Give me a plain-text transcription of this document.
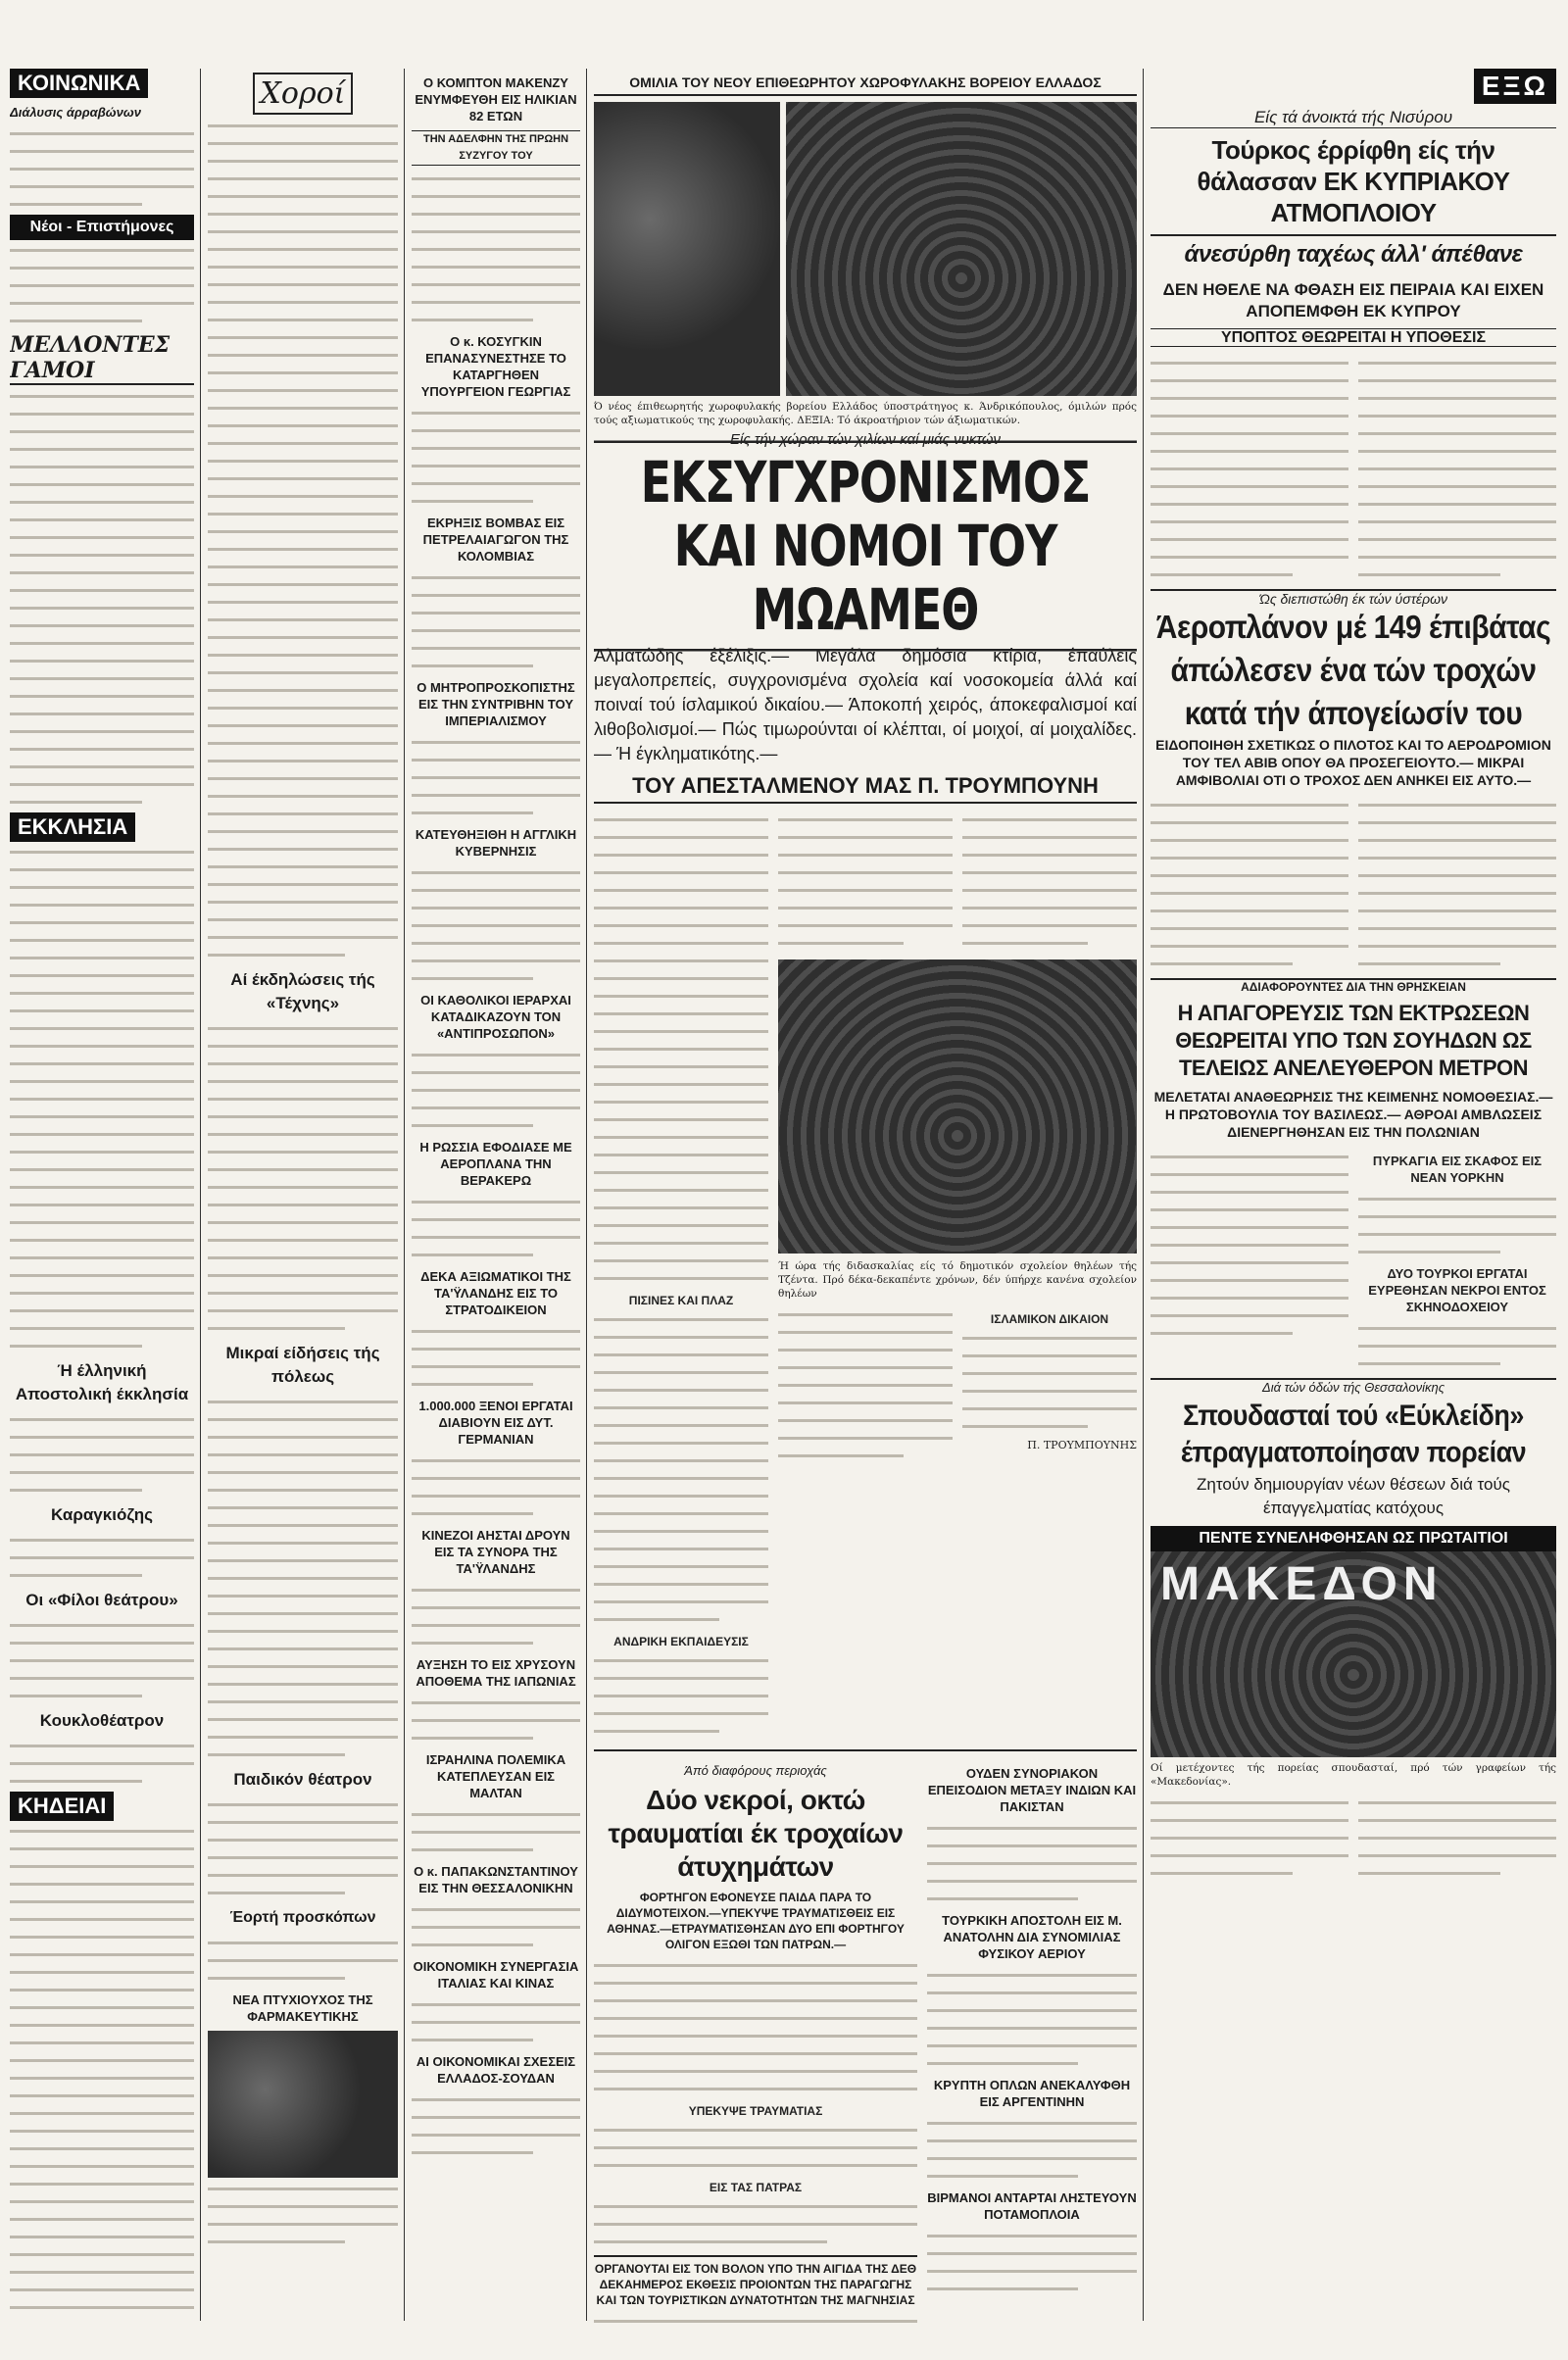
ΚΟΙΝΩΝΙΚΑ
Διάλυσις άρραβώνων
Νέοι - Επιστήμονες
ΜΕΛΛΟΝΤΕΣ ΓΑΜΟΙ
ΕΚΚΛΗΣΙΑ
Ή έλληνική Αποστολική έκκλησία
Καραγκιόζης
Οι «Φίλοι θεάτρου»
Κουκλοθέατρον
ΚΗΔΕΙΑΙ
Χοροί
Αί έκδηλώσεις τής «Τέχνης»
Μικραί είδήσεις τής πόλεως
Παιδικόν θέατρον
Έορτή προσκόπων
ΝΕΑ ΠΤΥΧΙΟΥΧΟΣ ΤΗΣ ΦΑΡΜΑΚΕΥΤΙΚΗΣ
Ο ΚΟΜΠΤΟΝ ΜΑΚΕΝΖΥ ΕΝΥΜΦΕΥΘΗ ΕΙΣ ΗΛΙΚΙΑΝ 82 ΕΤΩΝ
ΤΗΝ ΑΔΕΛΦΗΝ ΤΗΣ ΠΡΩΗΝ ΣΥΖΥΓΟΥ ΤΟΥ
Ο κ. ΚΟΣΥΓΚΙΝ ΕΠΑΝΑΣΥΝΕΣΤΗΣΕ ΤΟ ΚΑΤΑΡΓΗΘΕΝ ΥΠΟΥΡΓΕΙΟΝ ΓΕΩΡΓΙΑΣ
ΕΚΡΗΞΙΣ ΒΟΜΒΑΣ ΕΙΣ ΠΕΤΡΕΛΑΙΑΓΩΓΟΝ ΤΗΣ ΚΟΛΟΜΒΙΑΣ
Ο ΜΗΤΡΟΠΡΟΣΚΟΠΙΣΤΗΣ ΕΙΣ ΤΗΝ ΣΥΝΤΡΙΒΗΝ ΤΟΥ ΙΜΠΕΡΙΑΛΙΣΜΟΥ
ΚΑΤΕΥΘΗΞΙΘΗ Η ΑΓΓΛΙΚΗ ΚΥΒΕΡΝΗΣΙΣ
ΟΙ ΚΑΘΟΛΙΚΟΙ ΙΕΡΑΡΧΑΙ ΚΑΤΑΔΙΚΑΖΟΥΝ ΤΟΝ «ΑΝΤΙΠΡΟΣΩΠΟΝ»
Η ΡΩΣΣΙΑ ΕΦΟΔΙΑΣΕ ΜΕ ΑΕΡΟΠΛΑΝΑ ΤΗΝ ΒΕΡΑΚΕΡΩ
ΔΕΚΑ ΑΞΙΩΜΑΤΙΚΟΙ ΤΗΣ ΤΑ'ΫΛΑΝΔΗΣ ΕΙΣ ΤΟ ΣΤΡΑΤΟΔΙΚΕΙΟΝ
1.000.000 ΞΕΝΟΙ ΕΡΓΑΤΑΙ ΔΙΑΒΙΟΥΝ ΕΙΣ ΔΥΤ. ΓΕΡΜΑΝΙΑΝ
ΚΙΝΕΖΟΙ ΑΗΣΤΑΙ ΔΡΟΥΝ ΕΙΣ ΤΑ ΣΥΝΟΡΑ ΤΗΣ ΤΑ'ΫΛΑΝΔΗΣ
ΑΥΞΗΣΗ ΤΟ ΕΙΣ ΧΡΥΣΟΥΝ ΑΠΟΘΕΜΑ ΤΗΣ ΙΑΠΩΝΙΑΣ
ΙΣΡΑΗΛΙΝΑ ΠΟΛΕΜΙΚΑ ΚΑΤΕΠΛΕΥΣΑΝ ΕΙΣ ΜΑΛΤΑΝ
Ο κ. ΠΑΠΑΚΩΝΣΤΑΝΤΙΝΟΥ ΕΙΣ ΤΗΝ ΘΕΣΣΑΛΟΝΙΚΗΝ
ΟΙΚΟΝΟΜΙΚΗ ΣΥΝΕΡΓΑΣΙΑ ΙΤΑΛΙΑΣ ΚΑΙ ΚΙΝΑΣ
ΑΙ ΟΙΚΟΝΟΜΙΚΑΙ ΣΧΕΣΕΙΣ ΕΛΛΑΔΟΣ-ΣΟΥΔΑΝ
ΟΜΙΛΙΑ ΤΟΥ ΝΕΟΥ ΕΠΙΘΕΩΡΗΤΟΥ ΧΩΡΟΦΥΛΑΚΗΣ ΒΟΡΕΙΟΥ ΕΛΛΑΔΟΣ
Ό νέος έπιθεωρητής χωροφυλακής βορείου Ελλάδος ύποστράτηγος κ. Άνδρικόπουλος, όμιλών πρός τούς αξιωματικούς της χωροφυλακής. ΔΕΞΙΑ: Τό άκροατήριον τών άξιωματικών.
Είς τήν χώραν τών χιλίων καί μιάς νυκτών
ΕΚΣΥΓΧΡΟΝΙΣΜΟΣ ΚΑΙ ΝΟΜΟΙ ΤΟΥ ΜΩΑΜΕΘ
Άλματώδης έξέλιξις.— Μεγάλα δημόσια κτίρια, έπαύλεις μεγαλοπρεπείς, συγχρονισμένα σχολεία καί νοσοκομεία άλλά καί ποιναί τού ίσλαμικού δικαίου.— Άποκοπή χειρός, άποκεφαλισμοί καί λιθοβολισμοί.— Πώς τιμωρούνται οί κλέπται, οί μοιχοί, αί μοιχαλίδες.— Ή έγκληματικότης.—
ΤΟΥ ΑΠΕΣΤΑΛΜΕΝΟΥ ΜΑΣ Π. ΤΡΟΥΜΠΟΥΝΗ
ΠΙΣΙΝΕΣ ΚΑΙ ΠΛΑΖ
ΑΝΔΡΙΚΗ ΕΚΠΑΙΔΕΥΣΙΣ
Ή ώρα τής διδασκαλίας είς τό δημοτικόν σχολείον θηλέων τής Τζέντα. Πρό δέκα-δεκαπέντε χρόνων, δέν ύπήρχε κανένα σχολείον θηλέων
ΙΣΛΑΜΙΚΟΝ ΔΙΚΑΙΟΝ
Π. ΤΡΟΥΜΠΟΥΝΗΣ
Άπό διαφόρους περιοχάς
Δύο νεκροί, οκτώ τραυματίαι έκ τροχαίων άτυχημάτων
ΦΟΡΤΗΓΟΝ ΕΦΟΝΕΥΣΕ ΠΑΙΔΑ ΠΑΡΑ ΤΟ ΔΙΔΥΜΟΤΕΙΧΟΝ.—ΥΠΕΚΥΨΕ ΤΡΑΥΜΑΤΙΣΘΕΙΣ ΕΙΣ ΑΘΗΝΑΣ.—ΕΤΡΑΥΜΑΤΙΣΘΗΣΑΝ ΔΥΟ ΕΠΙ ΦΟΡΤΗΓΟΥ ΟΛΙΓΟΝ ΕΞΩΘΙ ΤΩΝ ΠΑΤΡΩΝ.—
ΥΠΕΚΥΨΕ ΤΡΑΥΜΑΤΙΑΣ
ΕΙΣ ΤΑΣ ΠΑΤΡΑΣ
ΟΡΓΑΝΟΥΤΑΙ ΕΙΣ ΤΟΝ ΒΟΛΟΝ ΥΠΟ ΤΗΝ ΑΙΓΙΔΑ ΤΗΣ ΔΕΘ ΔΕΚΑΗΜΕΡΟΣ ΕΚΘΕΣΙΣ ΠΡΟΙΟΝΤΩΝ ΤΗΣ ΠΑΡΑΓΩΓΗΣ ΚΑΙ ΤΩΝ ΤΟΥΡΙΣΤΙΚΩΝ ΔΥΝΑΤΟΤΗΤΩΝ ΤΗΣ ΜΑΓΝΗΣΙΑΣ
ΟΥΔΕΝ ΣΥΝΟΡΙΑΚΟΝ ΕΠΕΙΣΟΔΙΟΝ ΜΕΤΑΞΥ ΙΝΔΙΩΝ ΚΑΙ ΠΑΚΙΣΤΑΝ
ΤΟΥΡΚΙΚΗ ΑΠΟΣΤΟΛΗ ΕΙΣ Μ. ΑΝΑΤΟΛΗΝ ΔΙΑ ΣΥΝΟΜΙΛΙΑΣ ΦΥΣΙΚΟΥ ΑΕΡΙΟΥ
ΚΡΥΠΤΗ ΟΠΛΩΝ ΑΝΕΚΑΛΥΦΘΗ ΕΙΣ ΑΡΓΕΝΤΙΝΗΝ
ΒΙΡΜΑΝΟΙ ΑΝΤΑΡΤΑΙ ΛΗΣΤΕΥΟΥΝ ΠΟΤΑΜΟΠΛΟΙΑ
ΕΞΩ
Είς τά άνοικτά τής Νισύρου
Τούρκος έρρίφθη είς τήν θάλασσαν ΕΚ ΚΥΠΡΙΑΚΟΥ ΑΤΜΟΠΛΟΙΟΥ
άνεσύρθη ταχέως άλλ' άπέθανε
ΔΕΝ ΗΘΕΛΕ ΝΑ ΦΘΑΣΗ ΕΙΣ ΠΕΙΡΑΙΑ ΚΑΙ ΕΙΧΕΝ ΑΠΟΠΕΜΦΘΗ ΕΚ ΚΥΠΡΟΥ
ΥΠΟΠΤΟΣ ΘΕΩΡΕΙΤΑΙ Η ΥΠΟΘΕΣΙΣ
Ώς διεπιστώθη έκ τών ύστέρων
Άεροπλάνον μέ 149 έπιβάτας άπώλεσεν ένα τών τροχών κατά τήν άπογείωσίν του
ΕΙΔΟΠΟΙΗΘΗ ΣΧΕΤΙΚΩΣ Ο ΠΙΛΟΤΟΣ ΚΑΙ ΤΟ ΑΕΡΟΔΡΟΜΙΟΝ ΤΟΥ ΤΕΛ ΑΒΙΒ ΟΠΟΥ ΘΑ ΠΡΟΣΕΓΕΙΟΥΤΟ.— ΜΙΚΡΑΙ ΑΜΦΙΒΟΛΙΑΙ ΟΤΙ Ο ΤΡΟΧΟΣ ΔΕΝ ΑΝΗΚΕΙ ΕΙΣ ΑΥΤΟ.—
ΑΔΙΑΦΟΡΟΥΝΤΕΣ ΔΙΑ ΤΗΝ ΘΡΗΣΚΕΙΑΝ
Η ΑΠΑΓΟΡΕΥΣΙΣ ΤΩΝ ΕΚΤΡΩΣΕΩΝ ΘΕΩΡΕΙΤΑΙ ΥΠΟ ΤΩΝ ΣΟΥΗΔΩΝ ΩΣ ΤΕΛΕΙΩΣ ΑΝΕΛΕΥΘΕΡΟΝ ΜΕΤΡΟΝ
ΜΕΛΕΤΑΤΑΙ ΑΝΑΘΕΩΡΗΣΙΣ ΤΗΣ ΚΕΙΜΕΝΗΣ ΝΟΜΟΘΕΣΙΑΣ.— Η ΠΡΩΤΟΒΟΥΛΙΑ ΤΟΥ ΒΑΣΙΛΕΩΣ.— ΑΘΡΟΑΙ ΑΜΒΛΩΣΕΙΣ ΔΙΕΝΕΡΓΗΘΗΣΑΝ ΕΙΣ ΤΗΝ ΠΟΛΩΝΙΑΝ
ΠΥΡΚΑΓΙΑ ΕΙΣ ΣΚΑΦΟΣ ΕΙΣ ΝΕΑΝ ΥΟΡΚΗΝ
ΔΥΟ ΤΟΥΡΚΟΙ ΕΡΓΑΤΑΙ ΕΥΡΕΘΗΣΑΝ ΝΕΚΡΟΙ ΕΝΤΟΣ ΣΚΗΝΟΔΟΧΕΙΟΥ
Διά τών όδών τής Θεσσαλονίκης
Σπουδασταί τού «Εύκλείδη» έπραγματοποίησαν πορείαν
Ζητούν δημιουργίαν νέων θέσεων διά τούς έπαγγελματίας κατόχους
ΠΕΝΤΕ ΣΥΝΕΛΗΦΘΗΣΑΝ ΩΣ ΠΡΩΤΑΙΤΙΟΙ
ΜΑΚΕΔΟΝ
Οί μετέχοντες τής πορείας σπουδασταί, πρό τών γραφείων τής «Μακεδονίας».
